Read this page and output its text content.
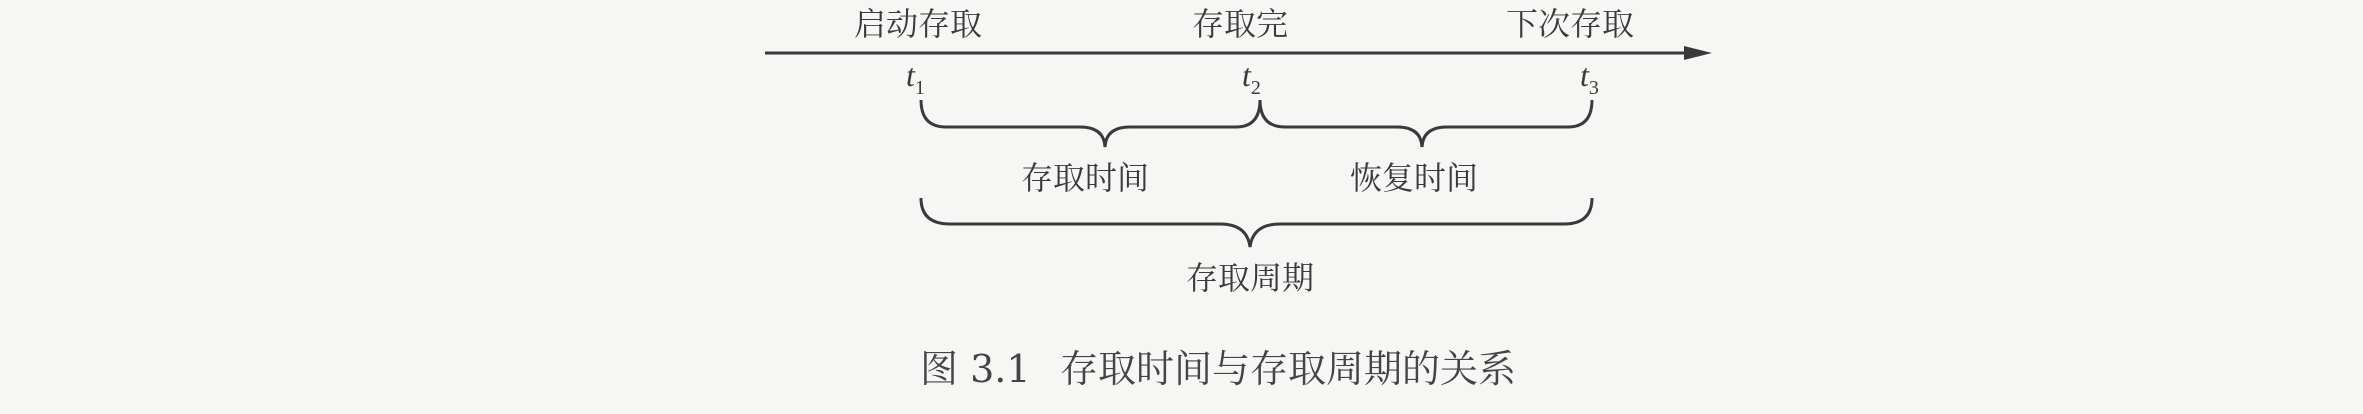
启动存取	存取完	下次存取
$t_1$	$t_2$	$t_3$
存取时间	恢复时间
存取周期
图 3.1 存取时间与存取周期的关系
